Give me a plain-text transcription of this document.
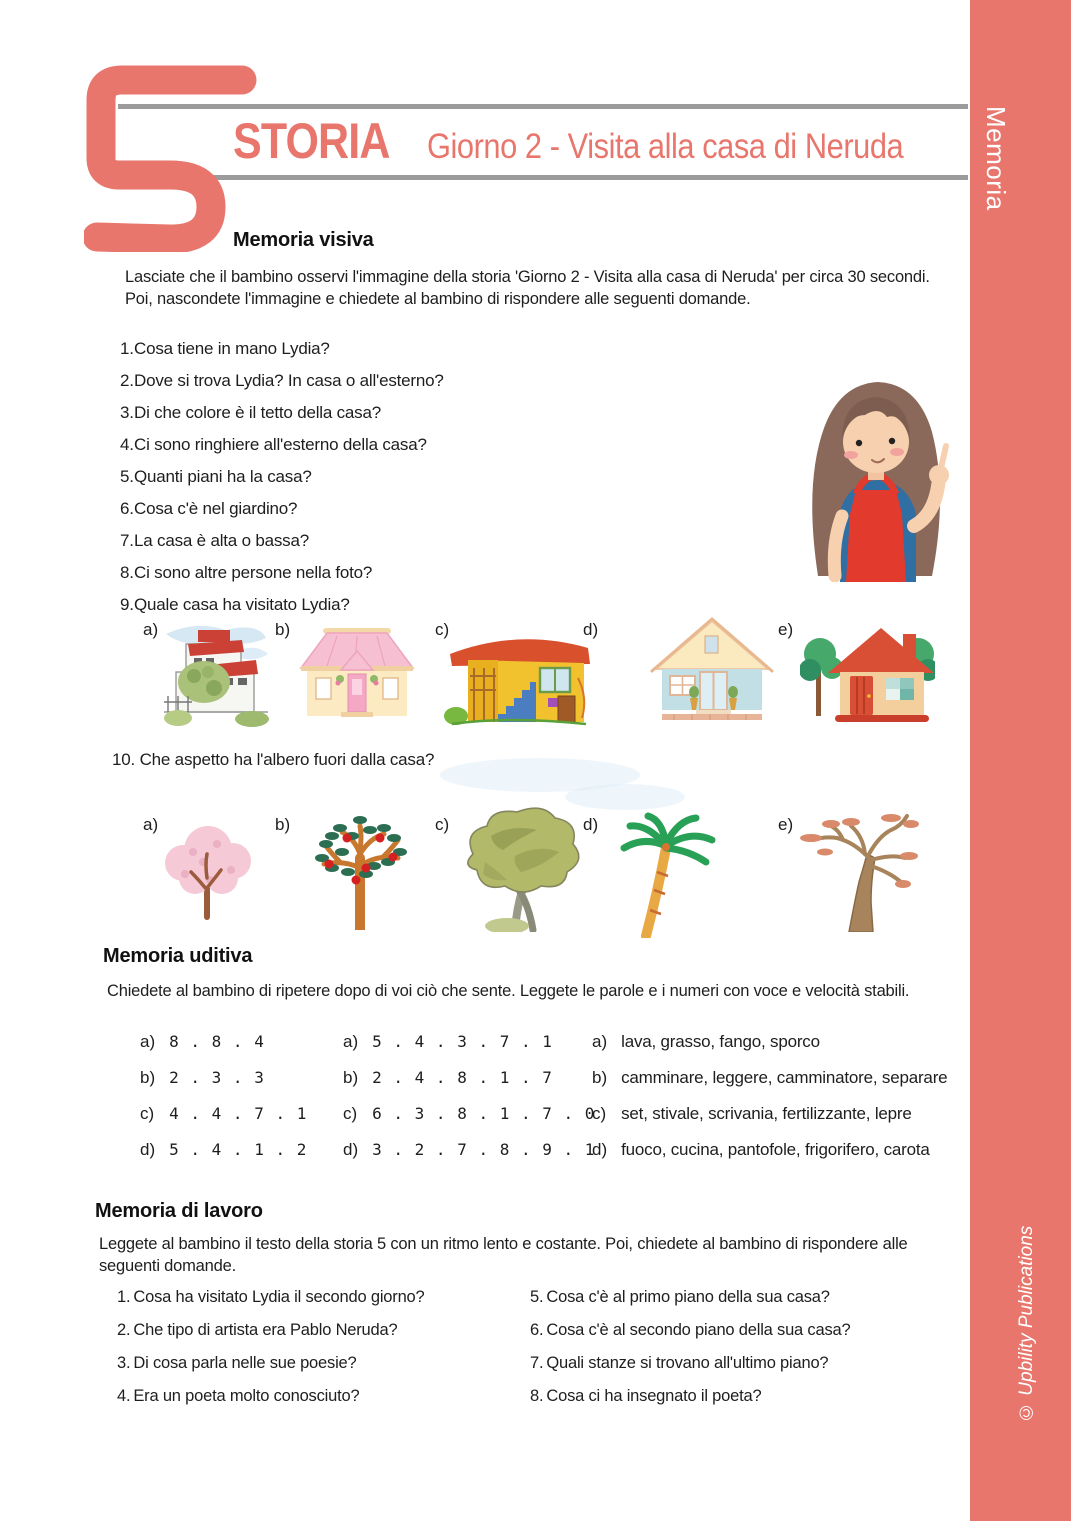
STORIA Giorno 2 - Visita alla casa di Neruda
Memoria visiva
Lasciate che il bambino osservi l'immagine della storia 'Giorno 2 - Visita alla casa di Neruda' per circa 30 secondi.
Poi, nascondete l'immagine e chiedete al bambino di rispondere alle seguenti domande.
1.Cosa tiene in mano Lydia?
2.Dove si trova Lydia? In casa o all'esterno?
3.Di che colore è il tetto della casa?
4.Ci sono ringhiere all'esterno della casa?
5.Quanti piani ha la casa?
6.Cosa c'è nel giardino?
7.La casa è alta o bassa?
8.Ci sono altre persone nella foto?
9.Quale casa ha visitato Lydia?
a)	b)	c)	d)	e)
10. Che aspetto ha l'albero fuori dalla casa?
a)	b)	c)	d)	e)
Memoria uditiva
Chiedete al bambino di ripetere dopo di voi ciò che sente. Leggete le parole e i numeri con voce e velocità stabili.
a) 8 . 8 . 4
b) 2 . 3 . 3
c) 4 . 4 . 7 . 1
d) 5 . 4 . 1 . 2
a) 5 . 4 . 3 . 7 . 1
b) 2 . 4 . 8 . 1 . 7
c) 6 . 3 . 8 . 1 . 7 . 0
d) 3 . 2 . 7 . 8 . 9 . 1
a) lava, grasso, fango, sporco
b) camminare, leggere, camminatore, separare
c) set, stivale, scrivania, fertilizzante, lepre
d) fuoco, cucina, pantofole, frigorifero, carota
Memoria di lavoro
Leggete al bambino il testo della storia 5 con un ritmo lento e costante. Poi, chiedete al bambino di rispondere alle
seguenti domande.
1. Cosa ha visitato Lydia il secondo giorno?
2. Che tipo di artista era Pablo Neruda?
3. Di cosa parla nelle sue poesie?
4. Era un poeta molto conosciuto?
5. Cosa c'è al primo piano della sua casa?
6. Cosa c'è al secondo piano della sua casa?
7. Quali stanze si trovano all'ultimo piano?
8. Cosa ci ha insegnato il poeta?
Memoria
© Upbility Publications
